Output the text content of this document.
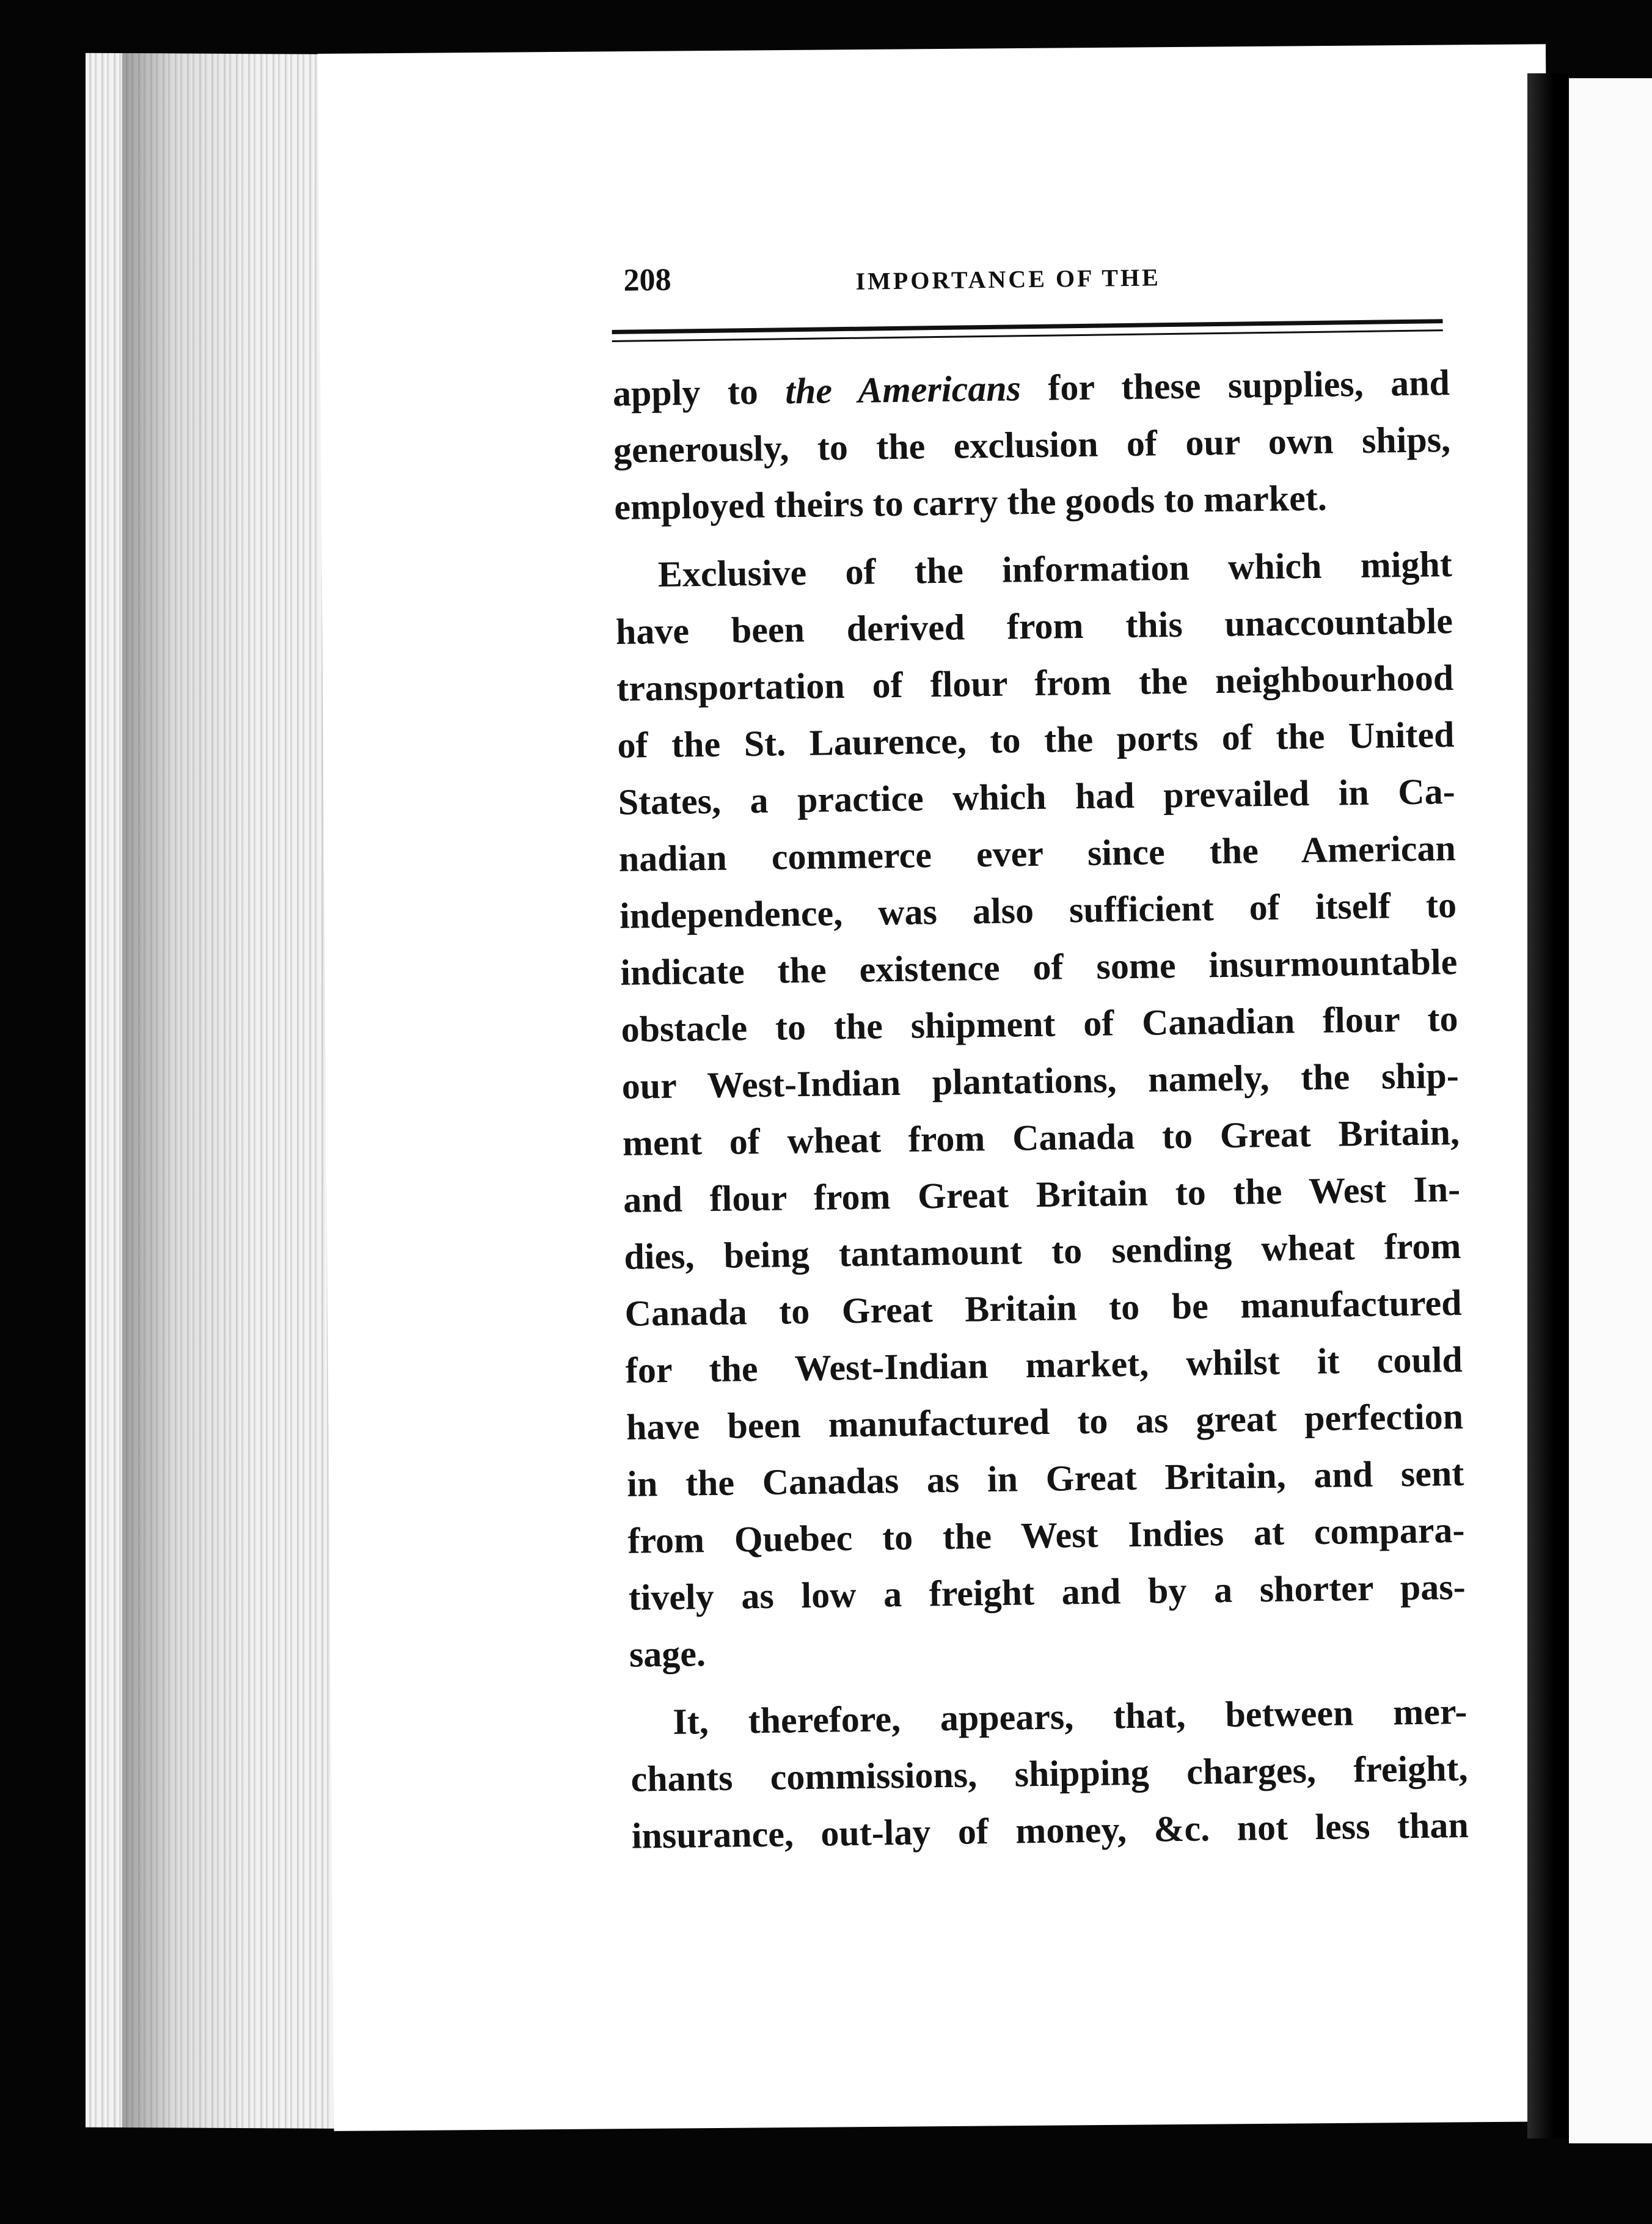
208	IMPORTANCE OF THE
apply to the Americans for these supplies, and
generously, to the exclusion of our own ships,
employed theirs to carry the goods to market.
Exclusive of the information which might
have been derived from this unaccountable
transportation of flour from the neighbourhood
of the St. Laurence, to the ports of the United
States, a practice which had prevailed in Ca-
nadian commerce ever since the American
independence, was also sufficient of itself to
indicate the existence of some insurmountable
obstacle to the shipment of Canadian flour to
our West-Indian plantations, namely, the ship-
ment of wheat from Canada to Great Britain,
and flour from Great Britain to the West In-
dies, being tantamount to sending wheat from
Canada to Great Britain to be manufactured
for the West-Indian market, whilst it could
have been manufactured to as great perfection
in the Canadas as in Great Britain, and sent
from Quebec to the West Indies at compara-
tively as low a freight and by a shorter pas-
sage.
It, therefore, appears, that, between mer-
chants commissions, shipping charges, freight,
insurance, out-lay of money, &c. not less than
